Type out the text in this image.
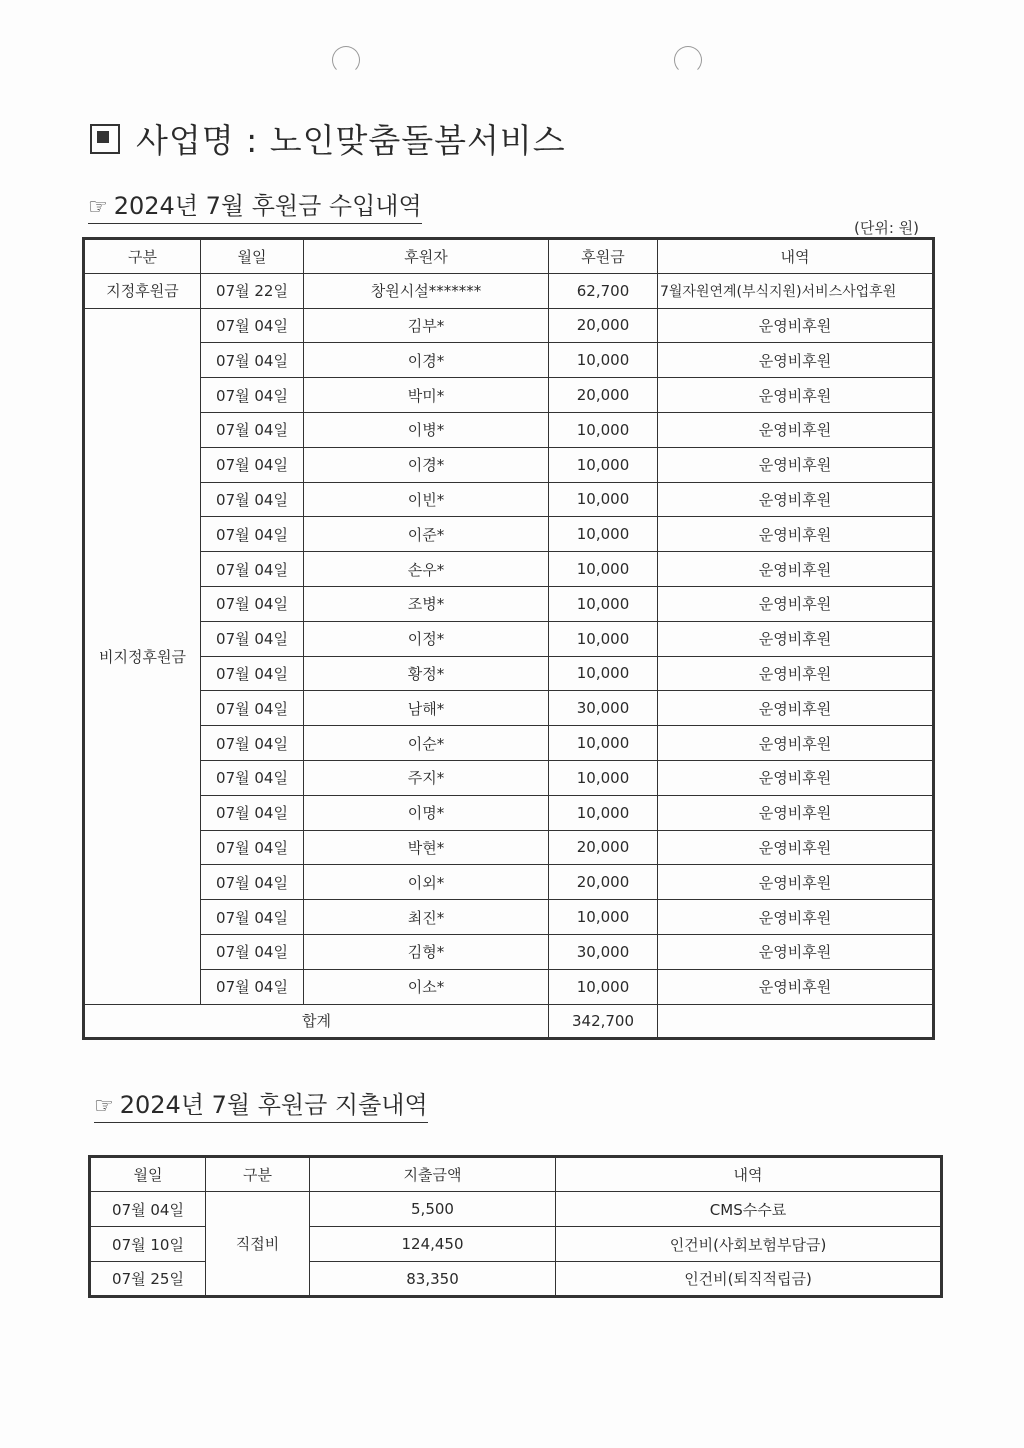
사업명 : 노인맞춤돌봄서비스
☞ 2024년 7월 후원금 수입내역
(단위: 원)
구분	월일	후원자	후원금	내역
지정후원금	07월 22일	창원시설*******	62,700	7월자원연계(부식지원)서비스사업후원
비지정후원금	07월 04일	김부*	20,000	운영비후원
	07월 04일	이경*	10,000	운영비후원
	07월 04일	박미*	20,000	운영비후원
	07월 04일	이병*	10,000	운영비후원
	07월 04일	이경*	10,000	운영비후원
	07월 04일	이빈*	10,000	운영비후원
	07월 04일	이준*	10,000	운영비후원
	07월 04일	손우*	10,000	운영비후원
	07월 04일	조병*	10,000	운영비후원
	07월 04일	이정*	10,000	운영비후원
	07월 04일	황정*	10,000	운영비후원
	07월 04일	남해*	30,000	운영비후원
	07월 04일	이순*	10,000	운영비후원
	07월 04일	주지*	10,000	운영비후원
	07월 04일	이명*	10,000	운영비후원
	07월 04일	박현*	20,000	운영비후원
	07월 04일	이외*	20,000	운영비후원
	07월 04일	최진*	10,000	운영비후원
	07월 04일	김형*	30,000	운영비후원
	07월 04일	이소*	10,000	운영비후원
합계			342,700	
☞ 2024년 7월 후원금 지출내역
월일	구분	지출금액	내역
07월 04일	직접비	5,500	CMS수수료
07월 10일		124,450	인건비(사회보험부담금)
07월 25일		83,350	인건비(퇴직적립금)
